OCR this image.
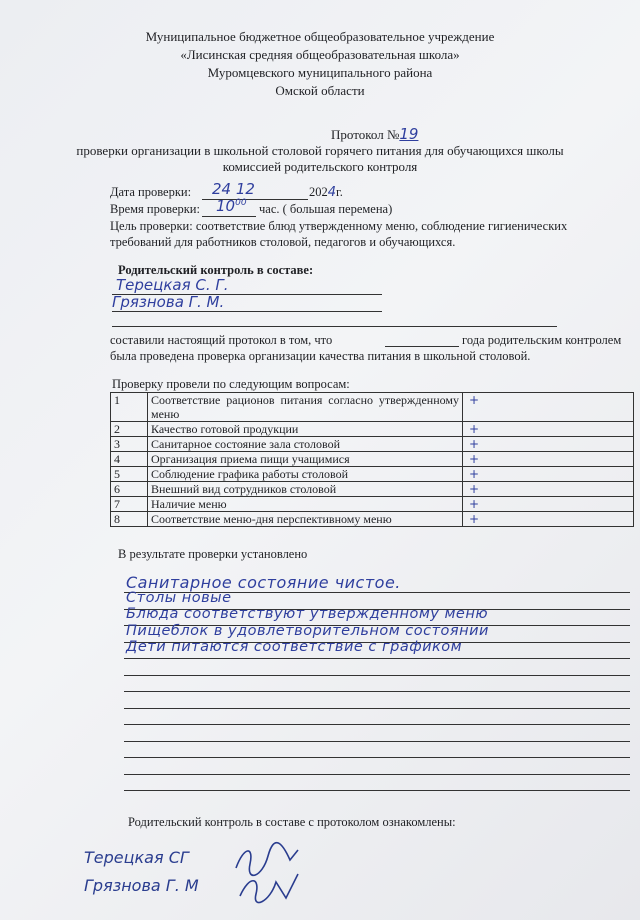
Муниципальное бюджетное общеобразовательное учреждение
«Лисинская средняя общеобразовательная школа»
Муромцевского муниципального района
Омской области
Протокол №19
проверки организации в школьной столовой горячего питания для обучающихся школы
комиссией родительского контроля
Дата проверки: 24 12	2024г.
Время проверки: $10^{00}$ час. ( большая перемена)
Цель проверки: соответствие блюд утвержденному меню, соблюдение гигиенических
требований для работников столовой, педагогов и обучающихся.
Родительский контроль в составе:
Терецкая С. Г.
Грязнова Г. М.
составили настоящий протокол в том, что	года родительским контролем
была проведена проверка организации качества питания в школьной столовой.
Проверку провели по следующим вопросам:
1	Соответствие рационов питания согласно утвержденному меню	+
2	Качество готовой продукции	+
3	Санитарное состояние зала столовой	+
4	Организация приема пищи учащимися	+
5	Соблюдение графика работы столовой	+
6	Внешний вид сотрудников столовой	+
7	Наличие меню	+
8	Соответствие меню-дня перспективному меню	+
В результате проверки установлено
Санитарное состояние чистое.
Столы новые
Блюда соответствуют утвержденному меню
Пищеблок в удовлетворительном состоянии
Дети питаются соответствие с графиком
Родительский контроль в составе с протоколом ознакомлены:
Терецкая СГ
Грязнова Г. М
